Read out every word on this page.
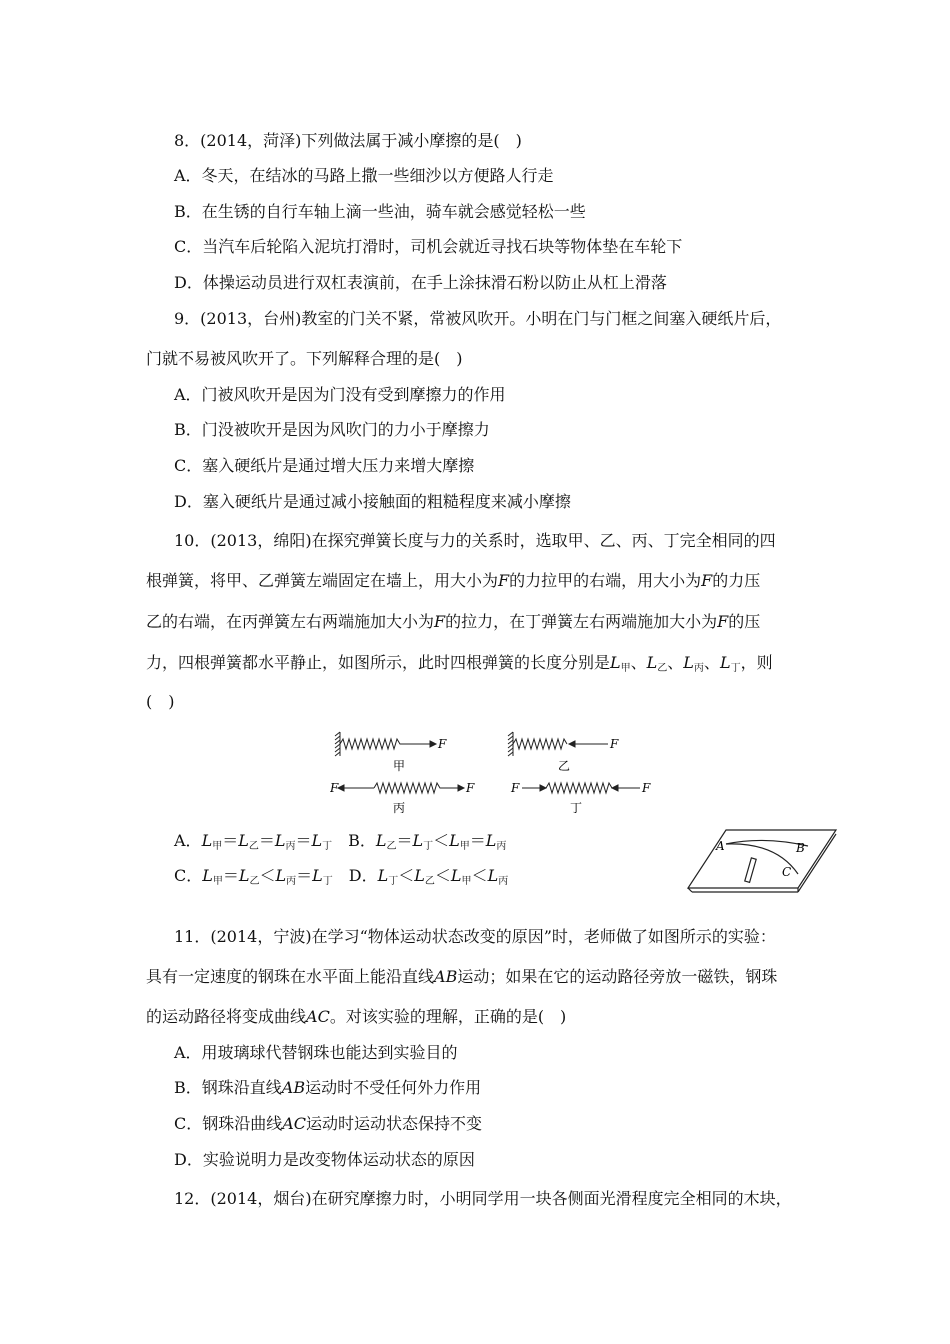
8．(2014，菏泽)下列做法属于减小摩擦的是(　)
A．冬天，在结冰的马路上撒一些细沙以方便路人行走
B．在生锈的自行车轴上滴一些油，骑车就会感觉轻松一些
C．当汽车后轮陷入泥坑打滑时，司机会就近寻找石块等物体垫在车轮下
D．体操运动员进行双杠表演前，在手上涂抹滑石粉以防止从杠上滑落
9．(2013，台州)教室的门关不紧，常被风吹开。小明在门与门框之间塞入硬纸片后，
门就不易被风吹开了。下列解释合理的是(　)
A．门被风吹开是因为门没有受到摩擦力的作用
B．门没被吹开是因为风吹门的力小于摩擦力
C．塞入硬纸片是通过增大压力来增大摩擦
D．塞入硬纸片是通过减小接触面的粗糙程度来减小摩擦
10．(2013，绵阳)在探究弹簧长度与力的关系时，选取甲、乙、丙、丁完全相同的四
根弹簧，将甲、乙弹簧左端固定在墙上，用大小为F的力拉甲的右端，用大小为F的力压
乙的右端，在丙弹簧左右两端施加大小为F的拉力，在丁弹簧左右两端施加大小为F的压
力，四根弹簧都水平静止，如图所示，此时四根弹簧的长度分别是$L_甲$、$L_乙$、$L_丙$、$L_丁$，则
(　)
F
甲
F
乙
F	F
丙
F	F
丁
A．$L_甲=L_乙=L_丙=L_丁$  B．$L_乙=L_丁<L_甲=L_丙$
C．$L_甲=L_乙<L_丙=L_丁$  D．$L_丁<L_乙<L_甲<L_丙$
A	B
C
11．(2014，宁波)在学习“物体运动状态改变的原因”时，老师做了如图所示的实验：
具有一定速度的钢珠在水平面上能沿直线AB运动；如果在它的运动路径旁放一磁铁，钢珠
的运动路径将变成曲线AC。对该实验的理解，正确的是(　)
A．用玻璃球代替钢珠也能达到实验目的
B．钢珠沿直线AB运动时不受任何外力作用
C．钢珠沿曲线AC运动时运动状态保持不变
D．实验说明力是改变物体运动状态的原因
12．(2014，烟台)在研究摩擦力时，小明同学用一块各侧面光滑程度完全相同的木块，
